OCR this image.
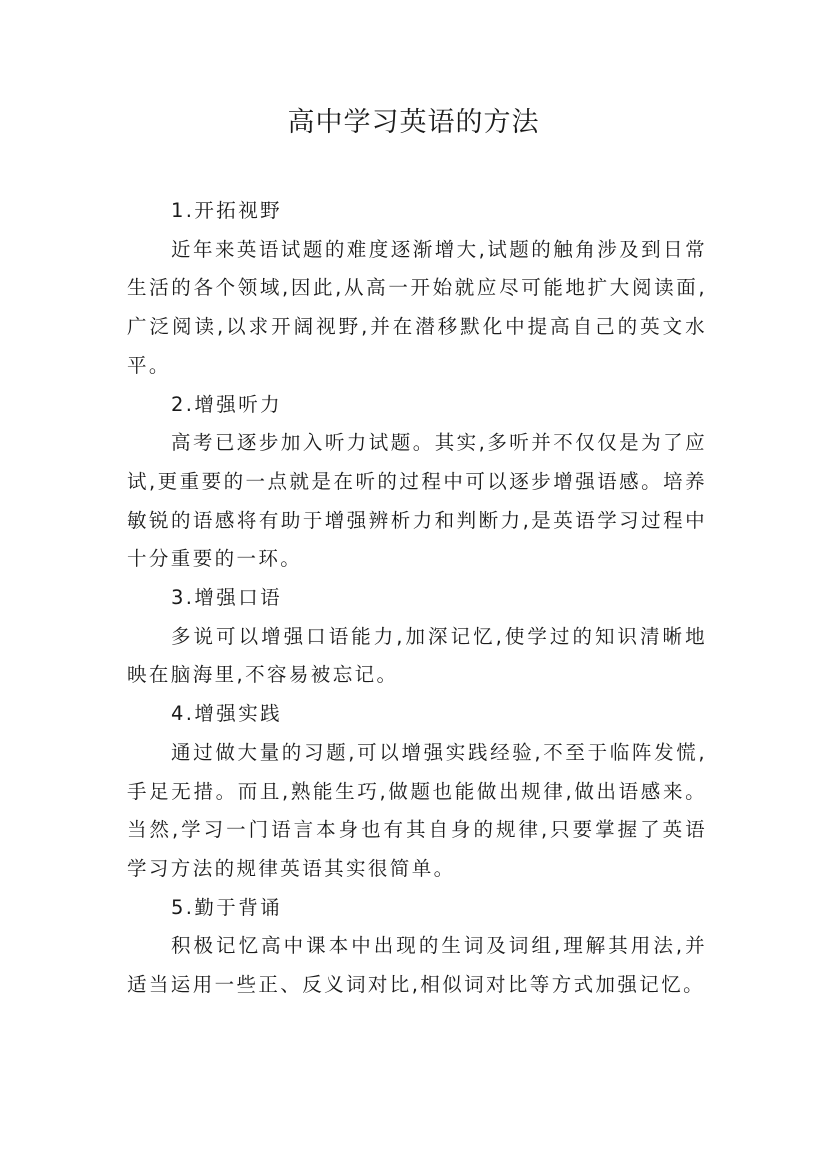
高中学习英语的方法

1.开拓视野

近年来英语试题的难度逐渐增大,试题的触角涉及到日常生活的各个领域,因此,从高一开始就应尽可能地扩大阅读面,广泛阅读,以求开阔视野,并在潜移默化中提高自己的英文水平。

2.增强听力

高考已逐步加入听力试题。其实,多听并不仅仅是为了应试,更重要的一点就是在听的过程中可以逐步增强语感。培养敏锐的语感将有助于增强辨析力和判断力,是英语学习过程中十分重要的一环。

3.增强口语

多说可以增强口语能力,加深记忆,使学过的知识清晰地映在脑海里,不容易被忘记。

4.增强实践

通过做大量的习题,可以增强实践经验,不至于临阵发慌,手足无措。而且,熟能生巧,做题也能做出规律,做出语感来。当然,学习一门语言本身也有其自身的规律,只要掌握了英语学习方法的规律英语其实很简单。

5.勤于背诵

积极记忆高中课本中出现的生词及词组,理解其用法,并适当运用一些正、反义词对比,相似词对比等方式加强记忆。
